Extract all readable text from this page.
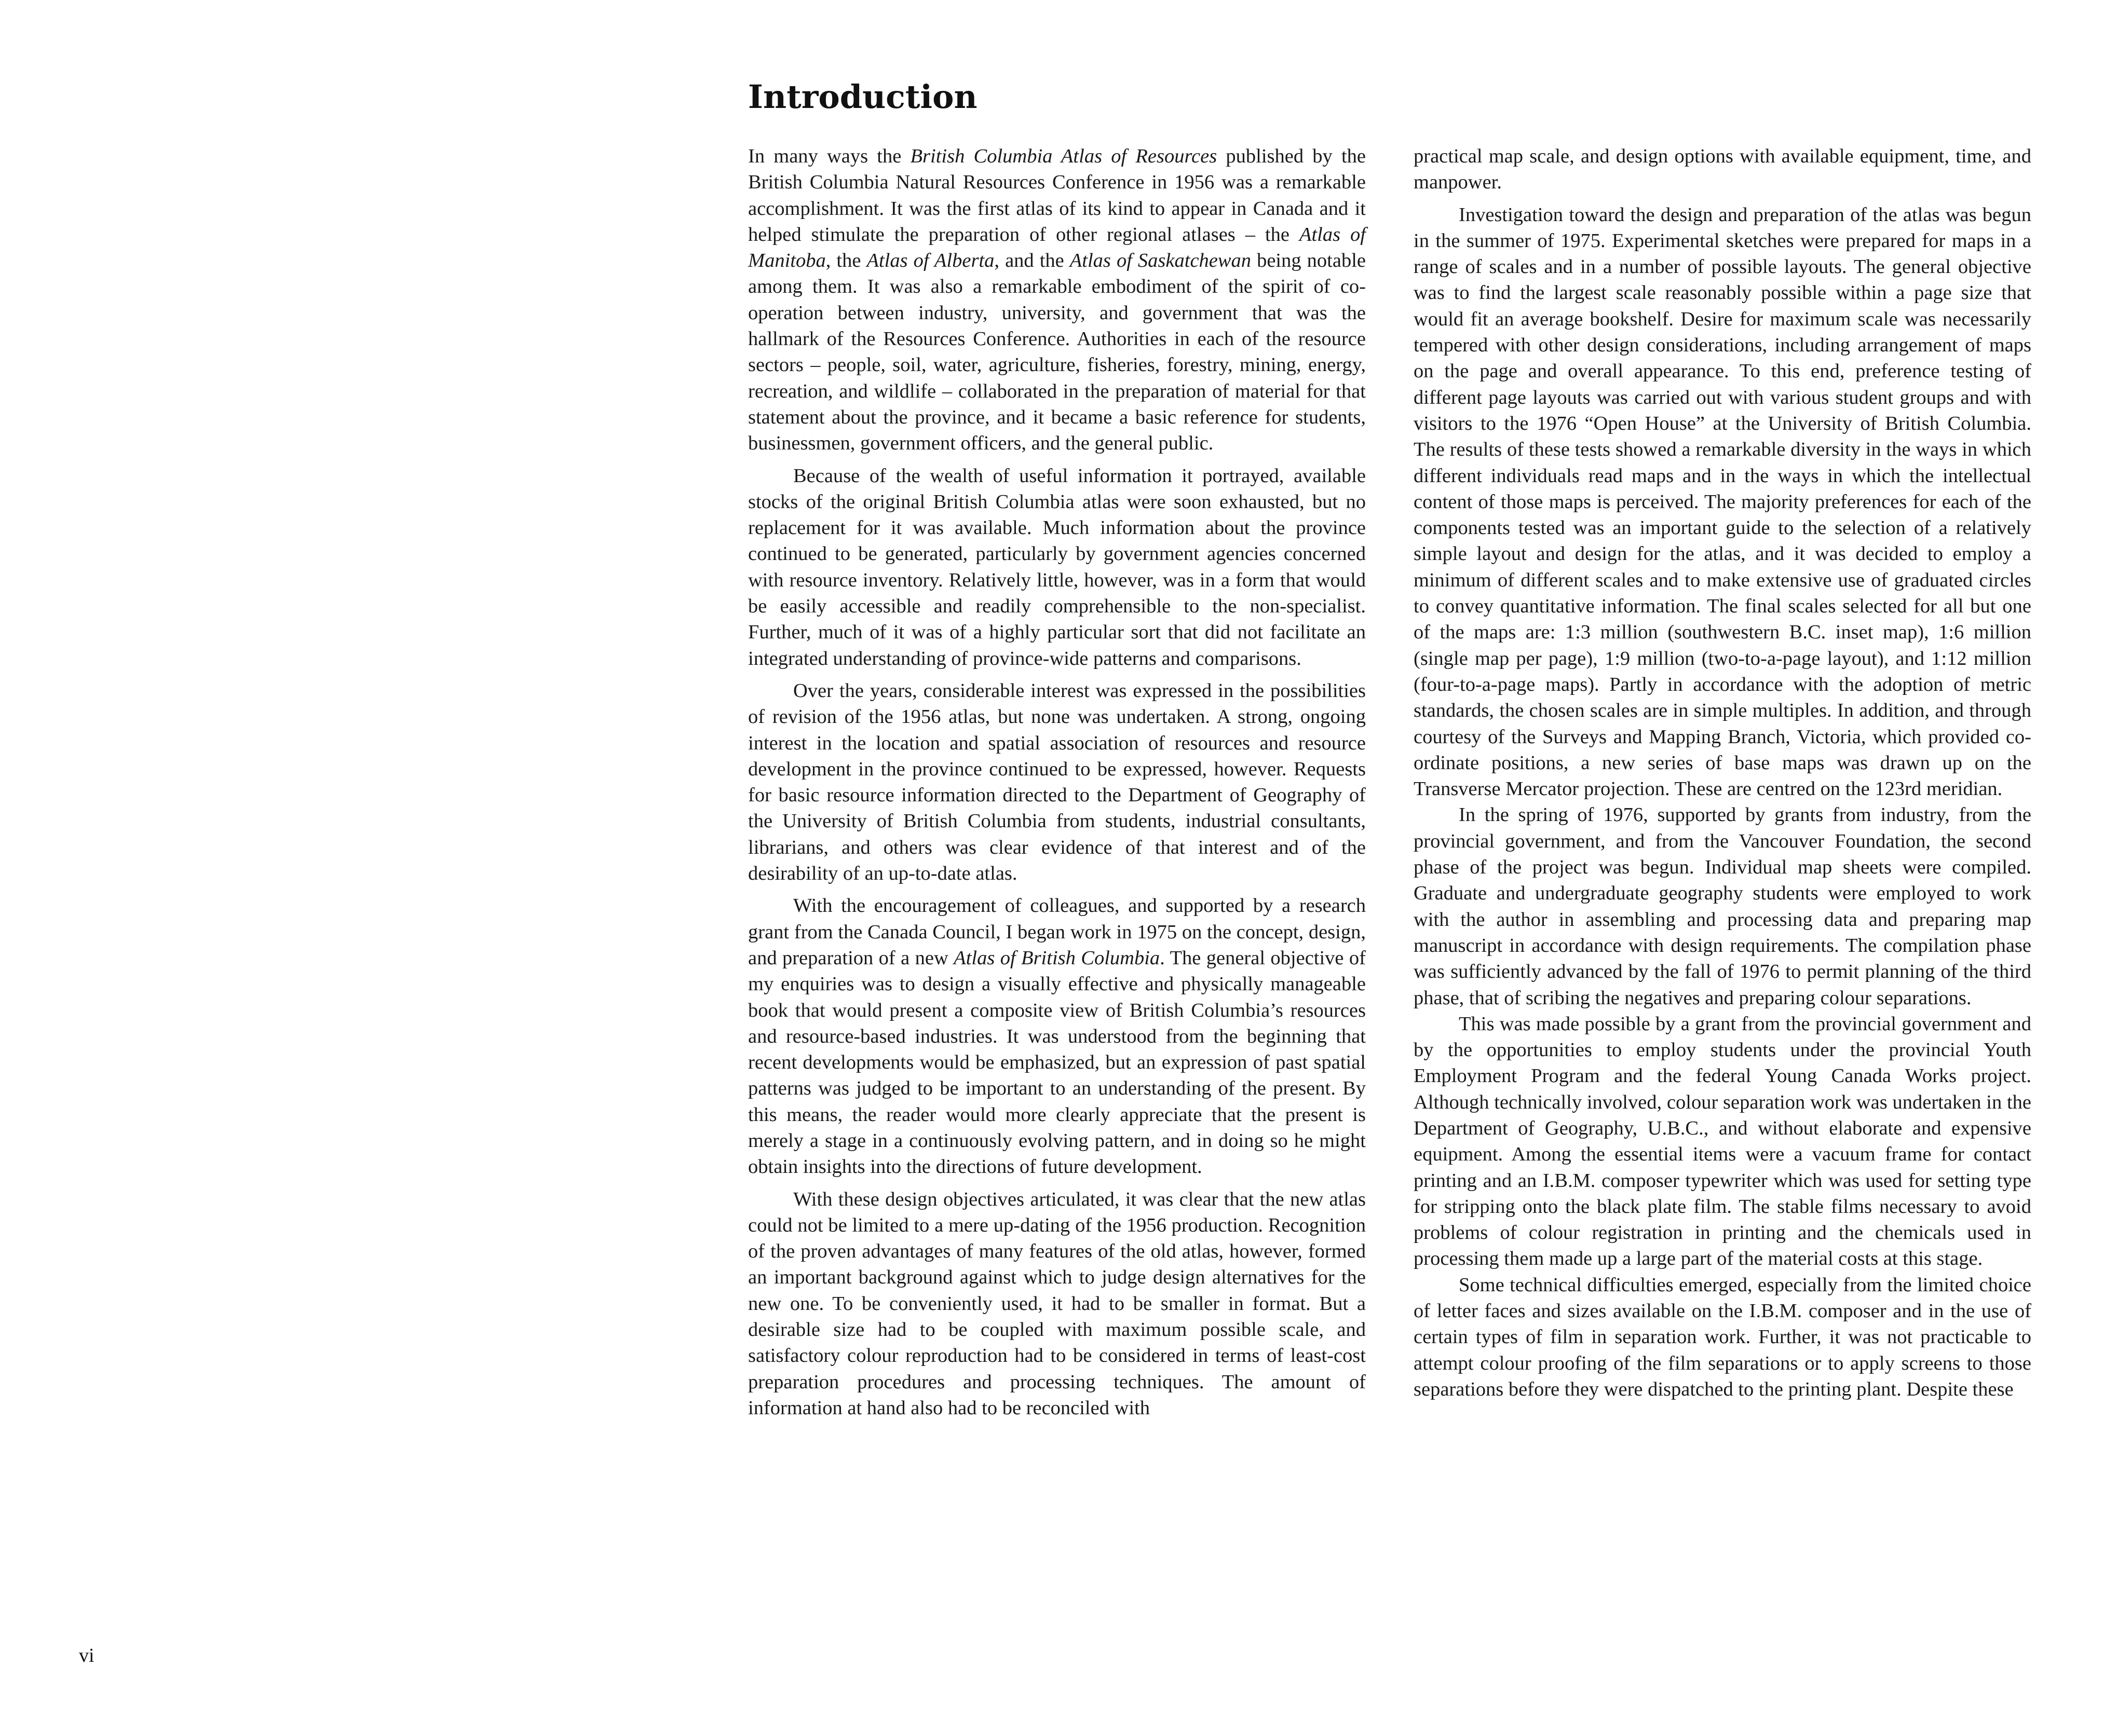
Introduction

In many ways the British Columbia Atlas of Resources published by the British Columbia Natural Resources Conference in 1956 was a remarkable accomplishment. It was the first atlas of its kind to appear in Canada and it helped stimulate the preparation of other regional atlases – the Atlas of Manitoba, the Atlas of Alberta, and the Atlas of Saskatchewan being notable among them. It was also a remarkable embodiment of the spirit of co-operation between industry, university, and government that was the hallmark of the Resources Conference. Authorities in each of the resource sectors – people, soil, water, agriculture, fisheries, forestry, mining, energy, recreation, and wildlife – collaborated in the preparation of material for that statement about the province, and it became a basic reference for students, businessmen, government officers, and the general public.

Because of the wealth of useful information it portrayed, available stocks of the original British Columbia atlas were soon exhausted, but no replacement for it was available. Much information about the province continued to be generated, particularly by government agencies concerned with resource inventory. Relatively little, however, was in a form that would be easily accessible and readily comprehensible to the non-specialist. Further, much of it was of a highly particular sort that did not facilitate an integrated understanding of province-wide patterns and comparisons.

Over the years, considerable interest was expressed in the possibilities of revision of the 1956 atlas, but none was undertaken. A strong, ongoing interest in the location and spatial association of resources and resource development in the province continued to be expressed, however. Requests for basic resource information directed to the Department of Geography of the University of British Columbia from students, industrial consultants, librarians, and others was clear evidence of that interest and of the desirability of an up-to-date atlas.

With the encouragement of colleagues, and supported by a research grant from the Canada Council, I began work in 1975 on the concept, design, and preparation of a new Atlas of British Columbia. The general objective of my enquiries was to design a visually effective and physically manageable book that would present a composite view of British Columbia’s resources and resource-based industries. It was understood from the beginning that recent developments would be emphasized, but an expression of past spatial patterns was judged to be important to an understanding of the present. By this means, the reader would more clearly appreciate that the present is merely a stage in a continuously evolving pattern, and in doing so he might obtain insights into the directions of future development.

With these design objectives articulated, it was clear that the new atlas could not be limited to a mere up-dating of the 1956 production. Recognition of the proven advantages of many features of the old atlas, however, formed an important background against which to judge design alternatives for the new one. To be conveniently used, it had to be smaller in format. But a desirable size had to be coupled with maximum possible scale, and satisfactory colour reproduction had to be considered in terms of least-cost preparation procedures and processing techniques. The amount of information at hand also had to be reconciled with

practical map scale, and design options with available equipment, time, and manpower.

Investigation toward the design and preparation of the atlas was begun in the summer of 1975. Experimental sketches were prepared for maps in a range of scales and in a number of possible layouts. The general objective was to find the largest scale reasonably possible within a page size that would fit an average bookshelf. Desire for maximum scale was necessarily tempered with other design considerations, including arrangement of maps on the page and overall appearance. To this end, preference testing of different page layouts was carried out with various student groups and with visitors to the 1976 “Open House” at the University of British Columbia. The results of these tests showed a remarkable diversity in the ways in which different individuals read maps and in the ways in which the intellectual content of those maps is perceived. The majority preferences for each of the components tested was an important guide to the selection of a relatively simple layout and design for the atlas, and it was decided to employ a minimum of different scales and to make extensive use of graduated circles to convey quantitative information. The final scales selected for all but one of the maps are: 1:3 million (southwestern B.C. inset map), 1:6 million (single map per page), 1:9 million (two-to-a-page layout), and 1:12 million (four-to-a-page maps). Partly in accordance with the adoption of metric standards, the chosen scales are in simple multiples. In addition, and through courtesy of the Surveys and Mapping Branch, Victoria, which provided co-ordinate positions, a new series of base maps was drawn up on the Transverse Mercator projection. These are centred on the 123rd meridian.

In the spring of 1976, supported by grants from industry, from the provincial government, and from the Vancouver Foundation, the second phase of the project was begun. Individual map sheets were compiled. Graduate and undergraduate geography students were employed to work with the author in assembling and processing data and preparing map manuscript in accordance with design requirements. The compilation phase was sufficiently advanced by the fall of 1976 to permit planning of the third phase, that of scribing the negatives and preparing colour separations.

This was made possible by a grant from the provincial government and by the opportunities to employ students under the provincial Youth Employment Program and the federal Young Canada Works project. Although technically involved, colour separation work was undertaken in the Department of Geography, U.B.C., and without elaborate and expensive equipment. Among the essential items were a vacuum frame for contact printing and an I.B.M. composer typewriter which was used for setting type for stripping onto the black plate film. The stable films necessary to avoid problems of colour registration in printing and the chemicals used in processing them made up a large part of the material costs at this stage.

Some technical difficulties emerged, especially from the limited choice of letter faces and sizes available on the I.B.M. composer and in the use of certain types of film in separation work. Further, it was not practicable to attempt colour proofing of the film separations or to apply screens to those separations before they were dispatched to the printing plant. Despite these

vi
